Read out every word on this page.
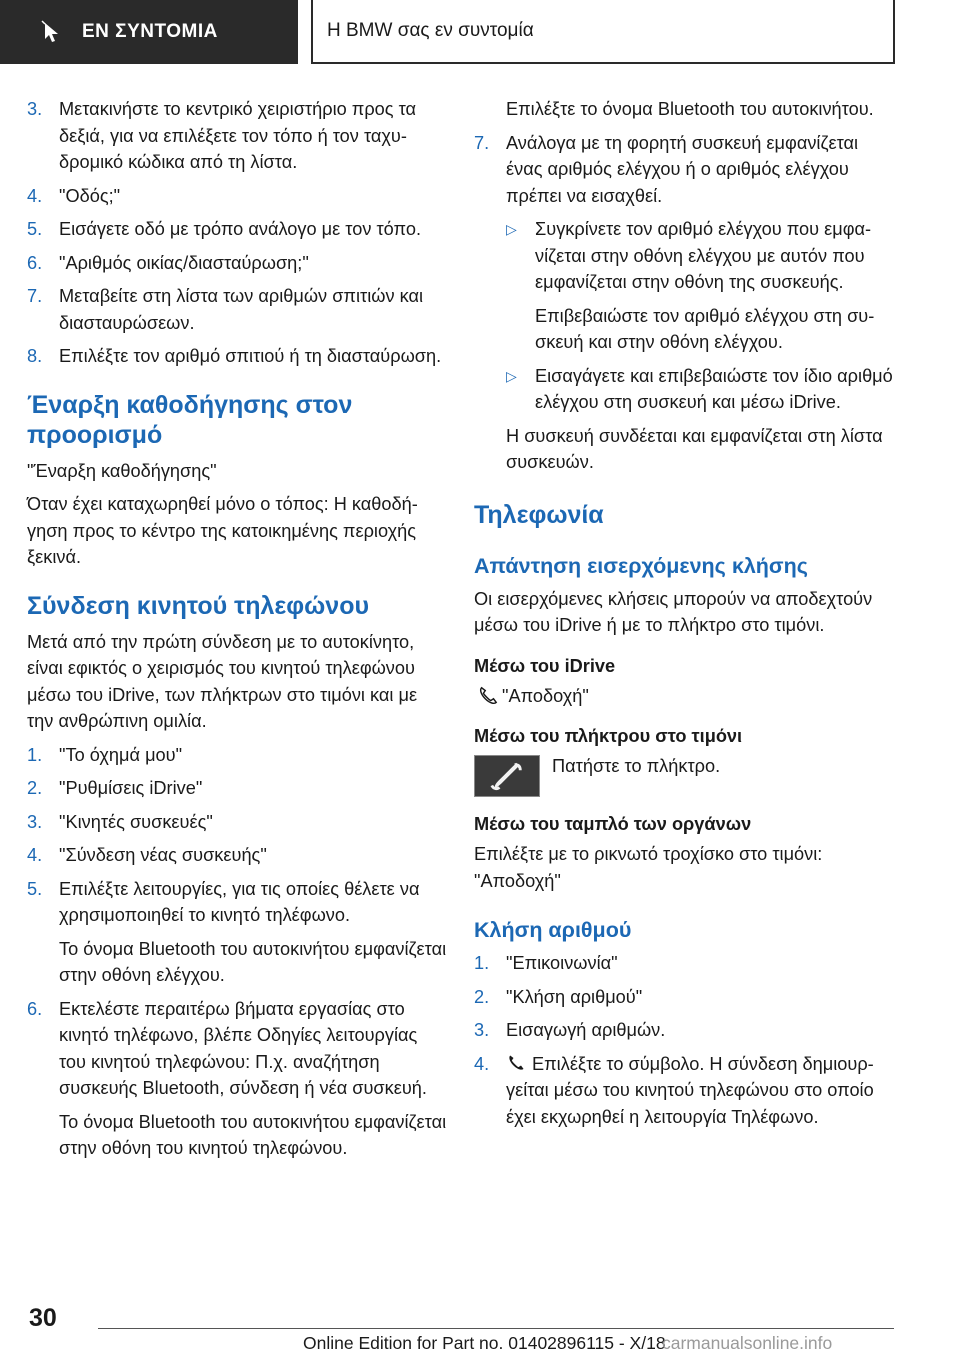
ΕΝ ΣΥΝΤΟΜΙΑ	Η BMW σας εν συντομία
3. Μετακινήστε το κεντρικό χειριστήριο προς τα δεξιά, για να επιλέξετε τον τόπο ή τον ταχυδρομικό κώδικα από τη λίστα.
4. "Οδός;"
5. Εισάγετε οδό με τρόπο ανάλογο με τον τόπο.
6. "Αριθμός οικίας/διασταύρωση;"
7. Μεταβείτε στη λίστα των αριθμών σπιτιών και διασταυρώσεων.
8. Επιλέξτε τον αριθμό σπιτιού ή τη διασταύρωση.
Έναρξη καθοδήγησης στον προορισμό
"Έναρξη καθοδήγησης"
Όταν έχει καταχωρηθεί μόνο ο τόπος: Η καθοδήγηση προς το κέντρο της κατοικημένης περιοχής ξεκινά.
Σύνδεση κινητού τηλεφώνου
Μετά από την πρώτη σύνδεση με το αυτοκίνητο, είναι εφικτός ο χειρισμός του κινητού τηλεφώνου μέσω του iDrive, των πλήκτρων στο τιμόνι και με την ανθρώπινη ομιλία.
1. "Το όχημά μου"
2. "Ρυθμίσεις iDrive"
3. "Κινητές συσκευές"
4. "Σύνδεση νέας συσκευής"
5. Επιλέξτε λειτουργίες, για τις οποίες θέλετε να χρησιμοποιηθεί το κινητό τηλέφωνο.
Το όνομα Bluetooth του αυτοκινήτου εμφανίζεται στην οθόνη ελέγχου.
6. Εκτελέστε περαιτέρω βήματα εργασίας στο κινητό τηλέφωνο, βλέπε Οδηγίες λειτουργίας του κινητού τηλεφώνου: Π.χ. αναζήτηση συσκευής Bluetooth, σύνδεση ή νέα συσκευή.
Το όνομα Bluetooth του αυτοκινήτου εμφανίζεται στην οθόνη του κινητού τηλεφώνου.
Επιλέξτε το όνομα Bluetooth του αυτοκινήτου.
7. Ανάλογα με τη φορητή συσκευή εμφανίζεται ένας αριθμός ελέγχου ή ο αριθμός ελέγχου πρέπει να εισαχθεί.
▷	Συγκρίνετε τον αριθμό ελέγχου που εμφανίζεται στην οθόνη ελέγχου με αυτόν που εμφανίζεται στην οθόνη της συσκευής.
Επιβεβαιώστε τον αριθμό ελέγχου στη συσκευή και στην οθόνη ελέγχου.
▷	Εισαγάγετε και επιβεβαιώστε τον ίδιο αριθμό ελέγχου στη συσκευή και μέσω iDrive.
Η συσκευή συνδέεται και εμφανίζεται στη λίστα συσκευών.
Τηλεφωνία
Απάντηση εισερχόμενης κλήσης
Οι εισερχόμενες κλήσεις μπορούν να αποδεχτούν μέσω του iDrive ή με το πλήκτρο στο τιμόνι.
Μέσω του iDrive
"Αποδοχή"
Μέσω του πλήκτρου στο τιμόνι
Πατήστε το πλήκτρο.
Μέσω του ταμπλό των οργάνων
Επιλέξτε με το ρικνωτό τροχίσκο στο τιμόνι:
"Αποδοχή"
Κλήση αριθμού
1. "Επικοινωνία"
2. "Κλήση αριθμού"
3. Εισαγωγή αριθμών.
4.	Επιλέξτε το σύμβολο. Η σύνδεση δημιουργείται μέσω του κινητού τηλεφώνου στο οποίο έχει εκχωρηθεί η λειτουργία Τηλέφωνο.
30
Online Edition for Part no. 01402896115 - X/18
carmanualsonline.info
